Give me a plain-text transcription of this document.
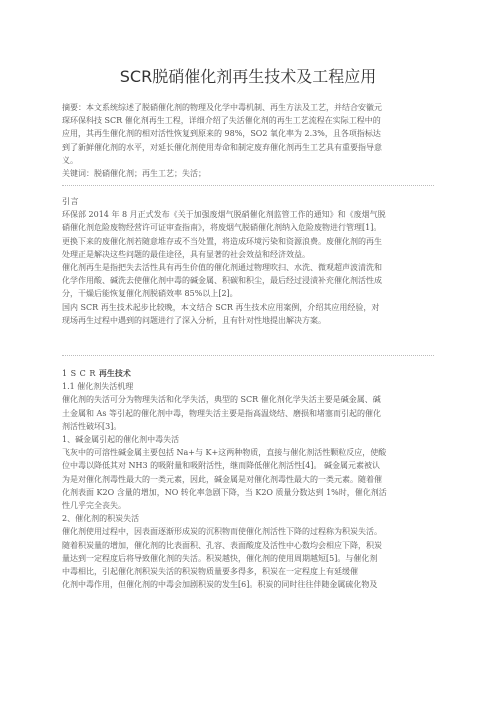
SCR脱硝催化剂再生技术及工程应用

摘要：本文系统综述了脱硝催化剂的物理及化学中毒机制、再生方法及工艺，并结合安徽元

琛环保科技 SCR 催化剂再生工程，详细介绍了失活催化剂的再生工艺流程在实际工程中的

应用，其再生催化剂的相对活性恢复到原来的 98%，SO2 氧化率为 2.3%，且各项指标达

到了新鲜催化剂的水平，对延长催化剂使用寿命和制定废弃催化剂再生工艺具有重要指导意

义。

关键词：脱硝催化剂；再生工艺；失活；

引言

环保部 2014 年 8 月正式发布《关于加强废烟气脱硝催化剂监管工作的通知》和《废烟气脱

硝催化剂危险废物经营许可证审查指南》，将废烟气脱硝催化剂纳入危险废物进行管理[1]。

更换下来的废催化剂若随意堆存或不当处置，将造成环境污染和资源浪费。废催化剂的再生

处理正是解决这些问题的最佳途径，具有显著的社会效益和经济效益。

催化剂再生是指把失去活性具有再生价值的催化剂通过物理吹扫、水洗、微观超声波清洗和

化学作用酸、碱洗去使催化剂中毒的碱金属、积碳和积尘，最后经过浸渍补充催化剂活性成

分，干燥后能恢复催化剂脱硝效率 85%以上[2]。

国内 SCR 再生技术起步比较晚，本文结合 SCR 再生技术应用案例，介绍其应用经验，对

现场再生过程中遇到的问题进行了深入分析，且有针对性地提出解决方案。

1 S C R 再生技术

1.1 催化剂失活机理

催化剂的失活可分为物理失活和化学失活，典型的 SCR 催化剂化学失活主要是碱金属、碱

土金属和 As 等引起的催化剂中毒，物理失活主要是指高温烧结、磨损和堵塞而引起的催化

剂活性破坏[3]。

1、碱金属引起的催化剂中毒失活

飞灰中的可溶性碱金属主要包括 Na+与 K+这两种物质，直接与催化剂活性颗粒反应，使酸

位中毒以降低其对 NH3 的吸附量和吸附活性，继而降低催化剂活性[4]。 碱金属元素被认

为是对催化剂毒性最大的一类元素，因此，碱金属是对催化剂毒性最大的一类元素。随着催

化剂表面 K2O 含量的增加，NO 转化率急剧下降，当 K2O 质量分数达到 1%时，催化剂活

性几乎完全丧失。

2、催化剂的积炭失活

催化剂使用过程中，因表面逐渐形成炭的沉积物而使催化剂活性下降的过程称为积炭失活。

随着积炭量的增加，催化剂的比表面积、孔容、表面酸度及活性中心数均会相应下降，积炭

量达到一定程度后将导致催化剂的失活。积炭越快，催化剂的使用周期越短[5]。与催化剂

中毒相比，引起催化剂积炭失活的积炭物质量要多得多，积炭在一定程度上有延缓催

化剂中毒作用，但催化剂的中毒会加剧积炭的发生[6]。积炭的同时往往伴随金属硫化物及
